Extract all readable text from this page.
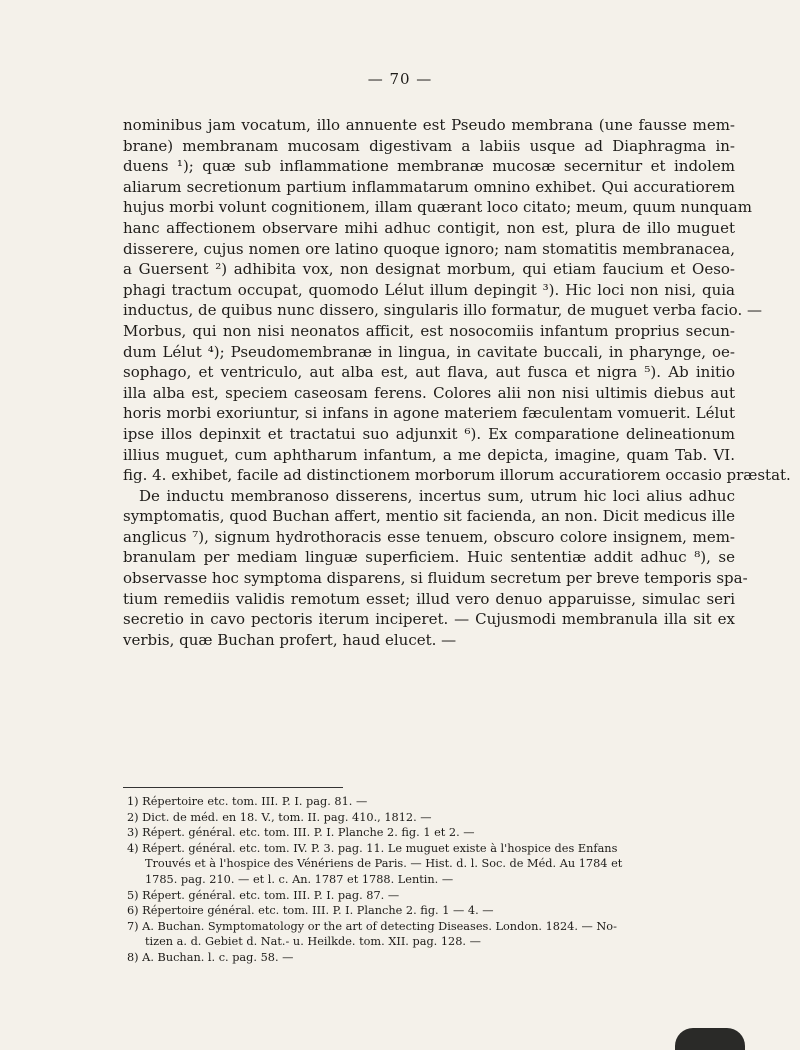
— 70 —
nominibus jam vocatum, illo annuente est Pseudo membrana (une fausse mem-
brane) membranam mucosam digestivam a labiis usque ad Diaphragma in-
duens ¹); quæ sub inflammatione membranæ mucosæ secernitur et indolem
aliarum secretionum partium inflammatarum omnino exhibet. Qui accuratiorem
hujus morbi volunt cognitionem, illam quærant loco citato; meum, quum nunquam
hanc affectionem observare mihi adhuc contigit, non est, plura de illo muguet
disserere, cujus nomen ore latino quoque ignoro; nam stomatitis membranacea,
a Guersent ²) adhibita vox, non designat morbum, qui etiam faucium et Oeso-
phagi tractum occupat, quomodo Lélut illum depingit ³). Hic loci non nisi, quia
inductus, de quibus nunc dissero, singularis illo formatur, de muguet verba facio. —
Morbus, qui non nisi neonatos afficit, est nosocomiis infantum proprius secun-
dum Lélut ⁴); Pseudomembranæ in lingua, in cavitate buccali, in pharynge, oe-
sophago, et ventriculo, aut alba est, aut flava, aut fusca et nigra ⁵). Ab initio
illa alba est, speciem caseosam ferens. Colores alii non nisi ultimis diebus aut
horis morbi exoriuntur, si infans in agone materiem fæculentam vomuerit. Lélut
ipse illos depinxit et tractatui suo adjunxit ⁶). Ex comparatione delineationum
illius muguet, cum aphtharum infantum, a me depicta, imagine, quam Tab. VI.
fig. 4. exhibet, facile ad distinctionem morborum illorum accuratiorem occasio præstat.
De inductu membranoso disserens, incertus sum, utrum hic loci alius adhuc
symptomatis, quod Buchan affert, mentio sit facienda, an non. Dicit medicus ille
anglicus ⁷), signum hydrothoracis esse tenuem, obscuro colore insignem, mem-
branulam per mediam linguæ superficiem. Huic sententiæ addit adhuc ⁸), se
observasse hoc symptoma disparens, si fluidum secretum per breve temporis spa-
tium remediis validis remotum esset; illud vero denuo apparuisse, simulac seri
secretio in cavo pectoris iterum inciperet. — Cujusmodi membranula illa sit ex
verbis, quæ Buchan profert, haud elucet. —
1) Répertoire etc. tom. III. P. I. pag. 81. —
2) Dict. de méd. en 18. V., tom. II. pag. 410., 1812. —
3) Répert. général. etc. tom. III. P. I. Planche 2. fig. 1 et 2. —
4) Répert. général. etc. tom. IV. P. 3. pag. 11. Le muguet existe à l'hospice des Enfans
Trouvés et à l'hospice des Vénériens de Paris. — Hist. d. l. Soc. de Méd. Au 1784 et
1785. pag. 210. — et l. c. An. 1787 et 1788. Lentin. —
5) Répert. général. etc. tom. III. P. I. pag. 87. —
6) Répertoire général. etc. tom. III. P. I. Planche 2. fig. 1 — 4. —
7) A. Buchan. Symptomatology or the art of detecting Diseases. London. 1824. — No-
tizen a. d. Gebiet d. Nat.- u. Heilkde. tom. XII. pag. 128. —
8) A. Buchan. l. c. pag. 58. —
